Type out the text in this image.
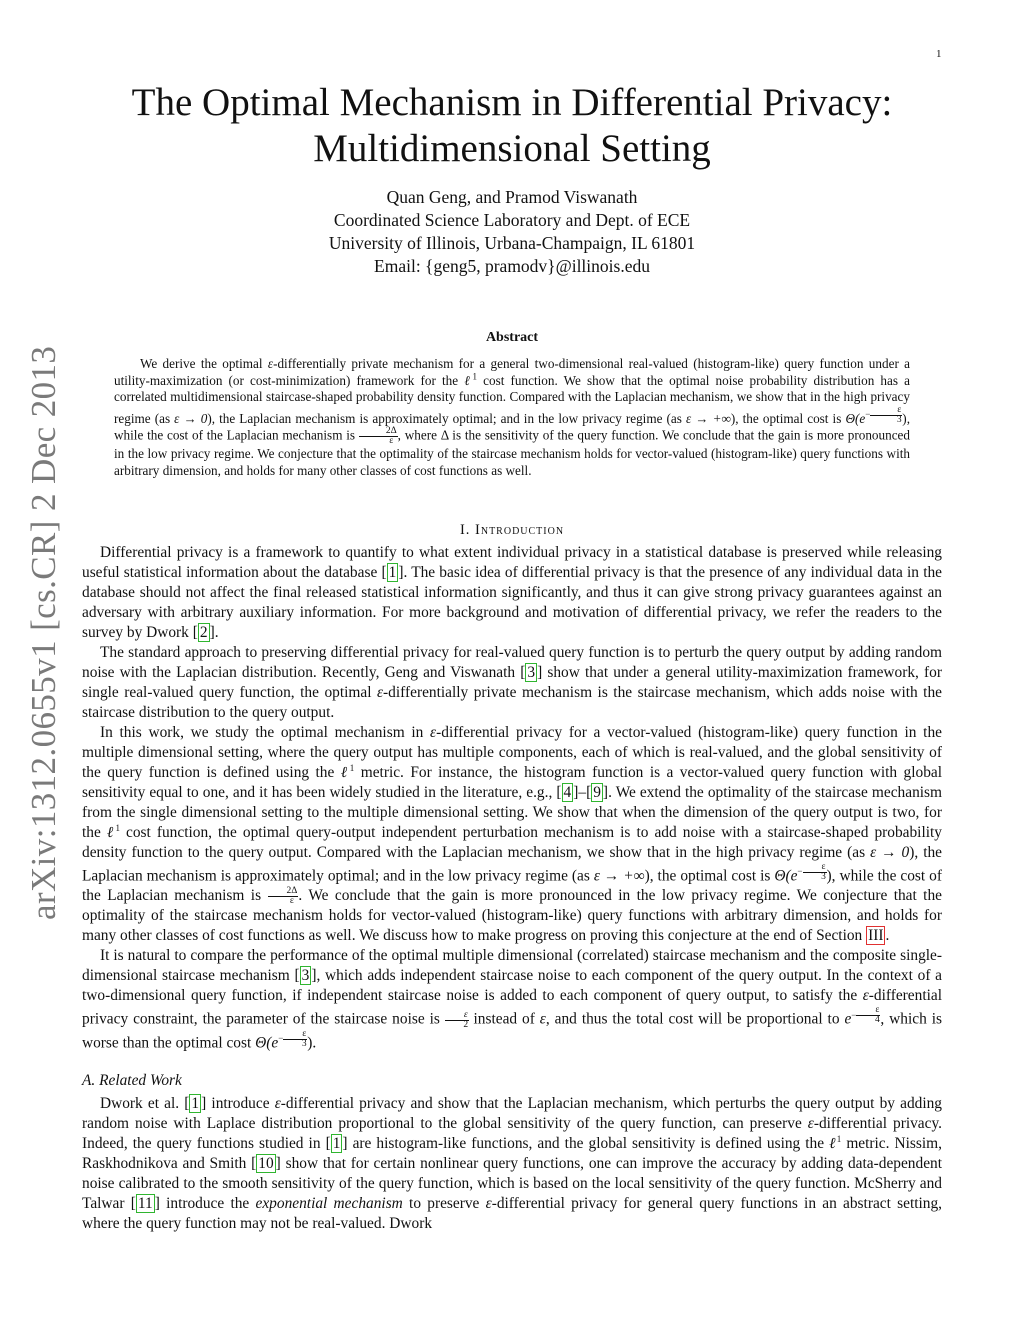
1
arXiv:1312.0655v1 [cs.CR] 2 Dec 2013
The Optimal Mechanism in Differential Privacy:
Multidimensional Setting
Quan Geng, and Pramod Viswanath
Coordinated Science Laboratory and Dept. of ECE
University of Illinois, Urbana-Champaign, IL 61801
Email: {geng5, pramodv}@illinois.edu
Abstract

We derive the optimal ε-differentially private mechanism for a general two-dimensional real-valued (histogram-like) query function under a utility-maximization (or cost-minimization) framework for the ℓ$^1$ cost function. We show that the optimal noise probability distribution has a correlated multidimensional staircase-shaped probability density function. Compared with the Laplacian mechanism, we show that in the high privacy regime (as ε → 0), the Laplacian mechanism is approximately optimal; and in the low privacy regime (as ε → +∞), the optimal cost is $\Theta(e^{- \frac{\varepsilon}{3}}$ ), while the cost of the Laplacian mechanism is $\frac{2\Delta}{\varepsilon}$ , where Δ is the sensitivity of the query function. We conclude that the gain is more pronounced in the low privacy regime. We conjecture that the optimality of the staircase mechanism holds for vector-valued (histogram-like) query functions with arbitrary dimension, and holds for many other classes of cost functions as well.

I. Introduction

Differential privacy is a framework to quantify to what extent individual privacy in a statistical database is preserved while releasing useful statistical information about the database [ 1 ]. The basic idea of differential privacy is that the presence of any individual data in the database should not affect the final released statistical information significantly, and thus it can give strong privacy guarantees against an adversary with arbitrary auxiliary information. For more background and motivation of differential privacy, we refer the readers to the survey by Dwork [ 2 ].

The standard approach to preserving differential privacy for real-valued query function is to perturb the query output by adding random noise with the Laplacian distribution. Recently, Geng and Viswanath [ 3 ] show that under a general utility-maximization framework, for single real-valued query function, the optimal ε-differentially private mechanism is the staircase mechanism, which adds noise with the staircase distribution to the query output.

In this work, we study the optimal mechanism in ε-differential privacy for a vector-valued (histogram-like) query function in the multiple dimensional setting, where the query output has multiple components, each of which is real-valued, and the global sensitivity of the query function is defined using the ℓ$^1$ metric. For instance, the histogram function is a vector-valued query function with global sensitivity equal to one, and it has been widely studied in the literature, e.g., [ 4 ]–[ 9 ]. We extend the optimality of the staircase mechanism from the single dimensional setting to the multiple dimensional setting. We show that when the dimension of the query output is two, for the ℓ$^1$ cost function, the optimal query-output independent perturbation mechanism is to add noise with a staircase-shaped probability density function to the query output. Compared with the Laplacian mechanism, we show that in the high privacy regime (as ε → 0), the Laplacian mechanism is approximately optimal; and in the low privacy regime (as ε → +∞), the optimal cost is $\Theta(e^{- \frac{\varepsilon}{3}}$ ), while the cost of the Laplacian mechanism is $\frac{2\Delta}{\varepsilon}$ . We conclude that the gain is more pronounced in the low privacy regime. We conjecture that the optimality of the staircase mechanism holds for vector-valued (histogram-like) query functions with arbitrary dimension, and holds for many other classes of cost functions as well. We discuss how to make progress on proving this conjecture at the end of Section III .

It is natural to compare the performance of the optimal multiple dimensional (correlated) staircase mechanism and the composite single-dimensional staircase mechanism [ 3 ], which adds independent staircase noise to each component of the query output. In the context of a two-dimensional query function, if independent staircase noise is added to each component of query output, to satisfy the ε-differential privacy constraint, the parameter of the staircase noise is $\frac{\varepsilon}{2}$ instead of ε, and thus the total cost will be proportional to $e^{- \frac{\varepsilon}{4}}$ , which is worse than the optimal cost $\Theta(e^{- \frac{\varepsilon}{3}}$ ).

A. Related Work

Dwork et al. [ 1 ] introduce ε-differential privacy and show that the Laplacian mechanism, which perturbs the query output by adding random noise with Laplace distribution proportional to the global sensitivity of the query function, can preserve ε-differential privacy. Indeed, the query functions studied in [ 1 ] are histogram-like functions, and the global sensitivity is defined using the ℓ$^1$ metric. Nissim, Raskhodnikova and Smith [ 10 ] show that for certain nonlinear query functions, one can improve the accuracy by adding data-dependent noise calibrated to the smooth sensitivity of the query function, which is based on the local sensitivity of the query function. McSherry and Talwar [ 11 ] introduce the exponential mechanism to preserve ε-differential privacy for general query functions in an abstract setting, where the query function may not be real-valued. Dwork
